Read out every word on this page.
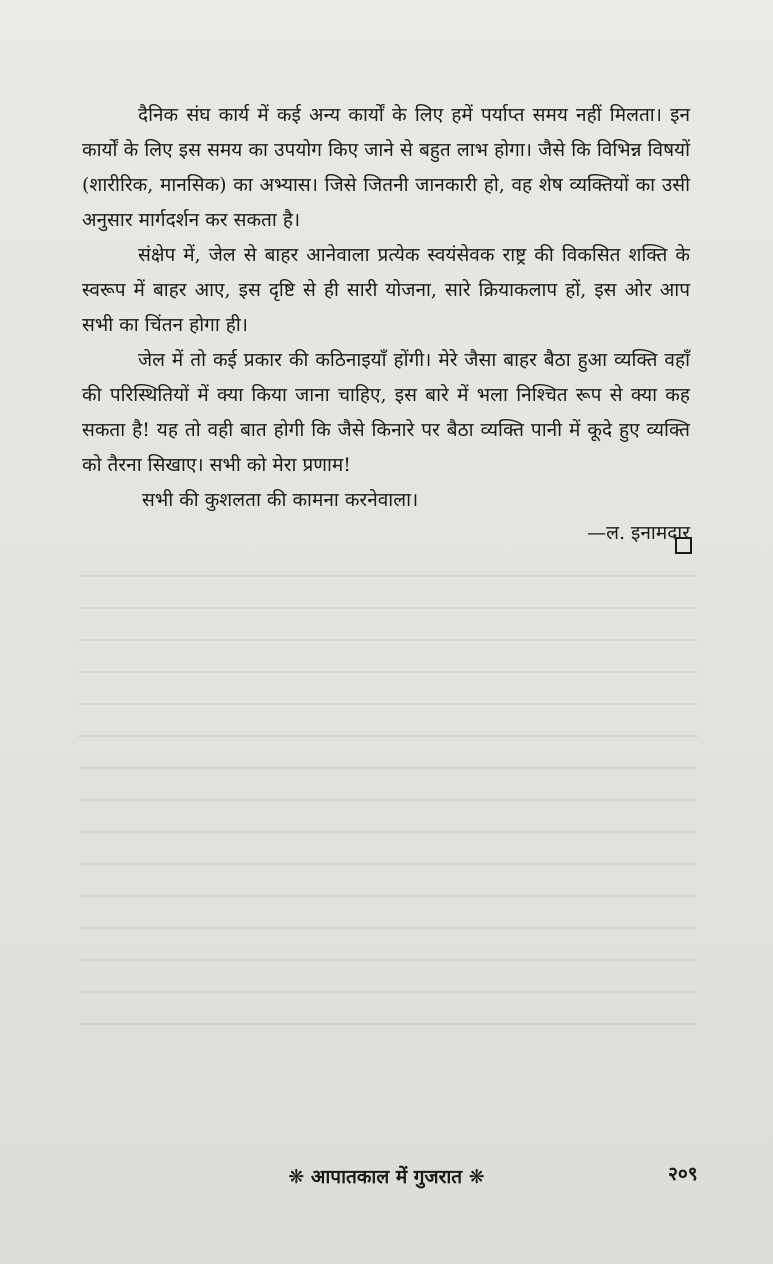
दैनिक संघ कार्य में कई अन्य कार्यों के लिए हमें पर्याप्त समय नहीं मिलता। इन कार्यों के लिए इस समय का उपयोग किए जाने से बहुत लाभ होगा। जैसे कि विभिन्न विषयों (शारीरिक, मानसिक) का अभ्यास। जिसे जितनी जानकारी हो, वह शेष व्यक्तियों का उसी अनुसार मार्गदर्शन कर सकता है।

संक्षेप में, जेल से बाहर आनेवाला प्रत्येक स्वयंसेवक राष्ट्र की विकसित शक्ति के स्वरूप में बाहर आए, इस दृष्टि से ही सारी योजना, सारे क्रियाकलाप हों, इस ओर आप सभी का चिंतन होगा ही।

जेल में तो कई प्रकार की कठिनाइयाँ होंगी। मेरे जैसा बाहर बैठा हुआ व्यक्ति वहाँ की परिस्थितियों में क्या किया जाना चाहिए, इस बारे में भला निश्चित रूप से क्या कह सकता है! यह तो वही बात होगी कि जैसे किनारे पर बैठा व्यक्ति पानी में कूदे हुए व्यक्ति को तैरना सिखाए। सभी को मेरा प्रणाम!

सभी की कुशलता की कामना करनेवाला।

—ल. इनामदार

❋ आपातकाल में गुजरात ❋	२०९
